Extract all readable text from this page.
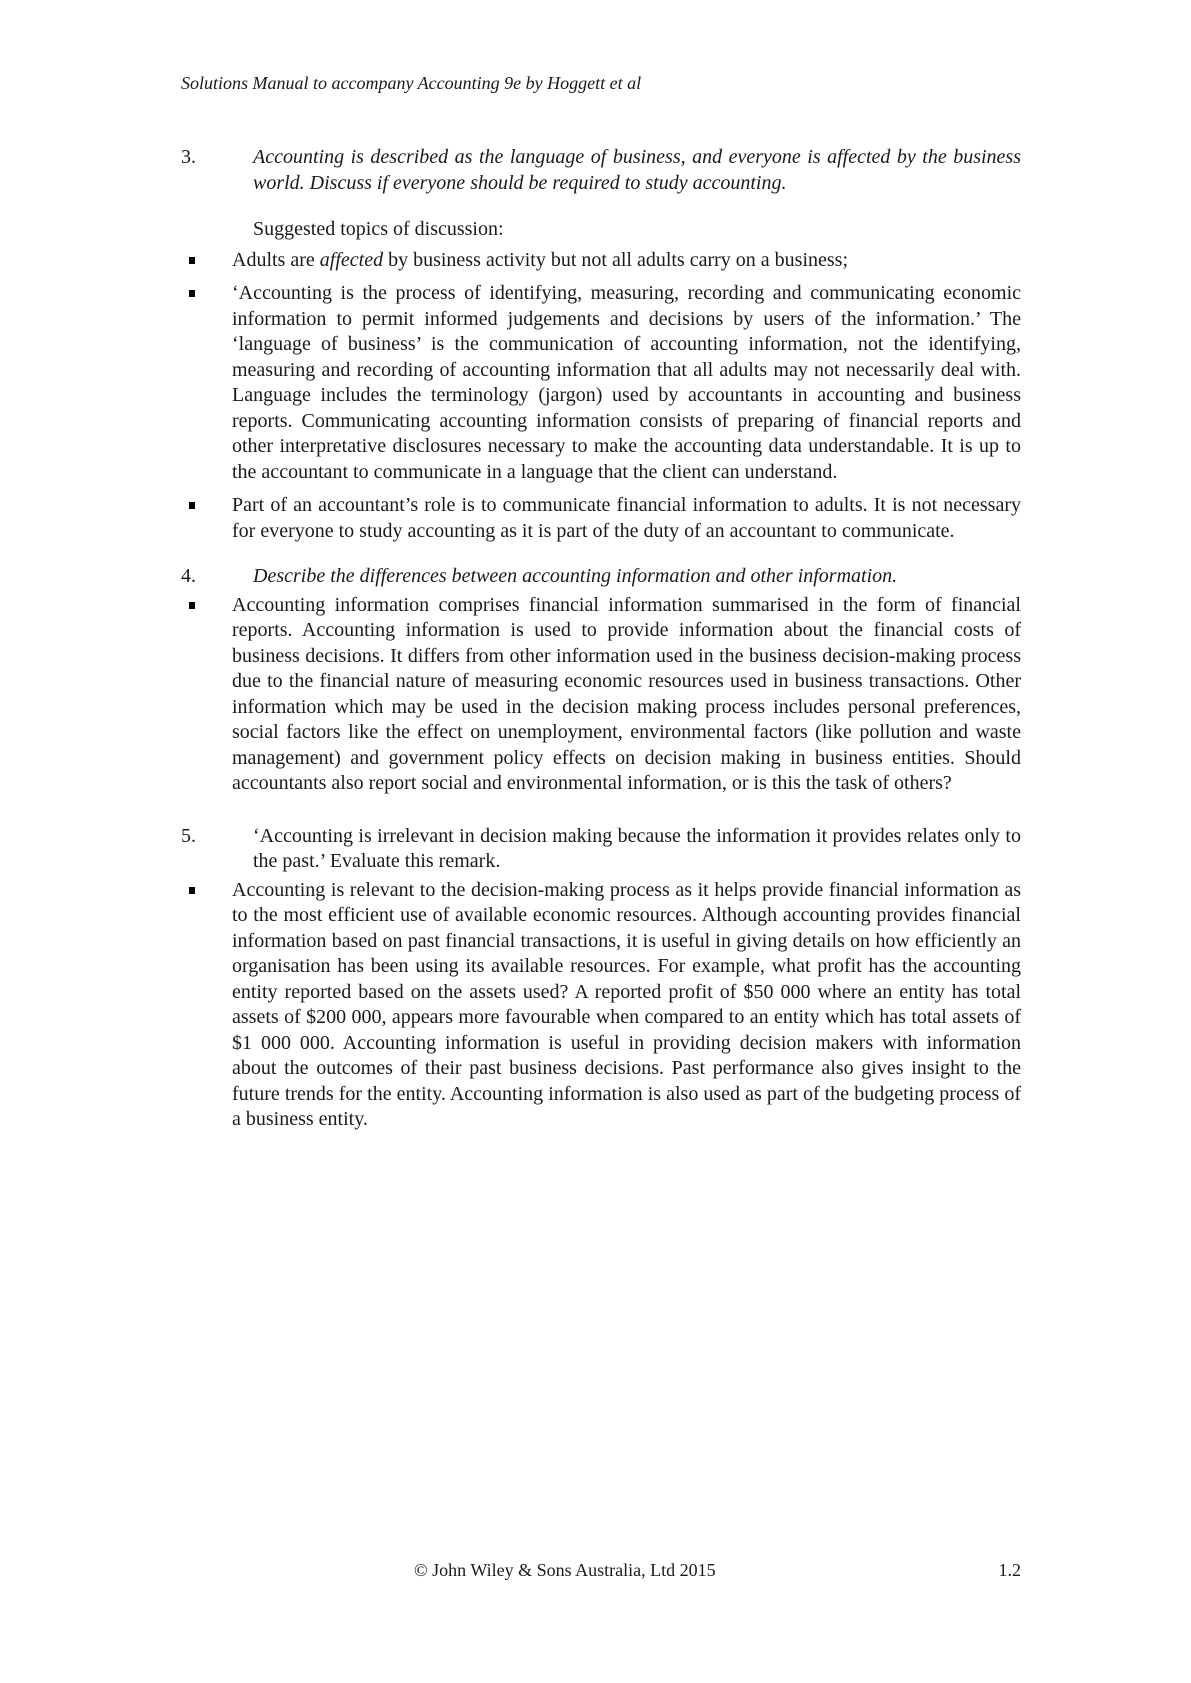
Solutions Manual to accompany Accounting 9e by Hoggett et al
3.	Accounting is described as the language of business, and everyone is affected by the business world. Discuss if everyone should be required to study accounting.
Suggested topics of discussion:
Adults are affected by business activity but not all adults carry on a business;
‘Accounting is the process of identifying, measuring, recording and communicating economic information to permit informed judgements and decisions by users of the information.’ The ‘language of business’ is the communication of accounting information, not the identifying, measuring and recording of accounting information that all adults may not necessarily deal with. Language includes the terminology (jargon) used by accountants in accounting and business reports. Communicating accounting information consists of preparing of financial reports and other interpretative disclosures necessary to make the accounting data understandable. It is up to the accountant to communicate in a language that the client can understand.
Part of an accountant’s role is to communicate financial information to adults. It is not necessary for everyone to study accounting as it is part of the duty of an accountant to communicate.
4.	Describe the differences between accounting information and other information.
Accounting information comprises financial information summarised in the form of financial reports. Accounting information is used to provide information about the financial costs of business decisions. It differs from other information used in the business decision-making process due to the financial nature of measuring economic resources used in business transactions. Other information which may be used in the decision making process includes personal preferences, social factors like the effect on unemployment, environmental factors (like pollution and waste management) and government policy effects on decision making in business entities. Should accountants also report social and environmental information, or is this the task of others?
5.	‘Accounting is irrelevant in decision making because the information it provides relates only to the past.’ Evaluate this remark.
Accounting is relevant to the decision-making process as it helps provide financial information as to the most efficient use of available economic resources. Although accounting provides financial information based on past financial transactions, it is useful in giving details on how efficiently an organisation has been using its available resources. For example, what profit has the accounting entity reported based on the assets used? A reported profit of $50 000 where an entity has total assets of $200 000, appears more favourable when compared to an entity which has total assets of $1 000 000. Accounting information is useful in providing decision makers with information about the outcomes of their past business decisions. Past performance also gives insight to the future trends for the entity. Accounting information is also used as part of the budgeting process of a business entity.
© John Wiley & Sons Australia, Ltd 2015	1.2
